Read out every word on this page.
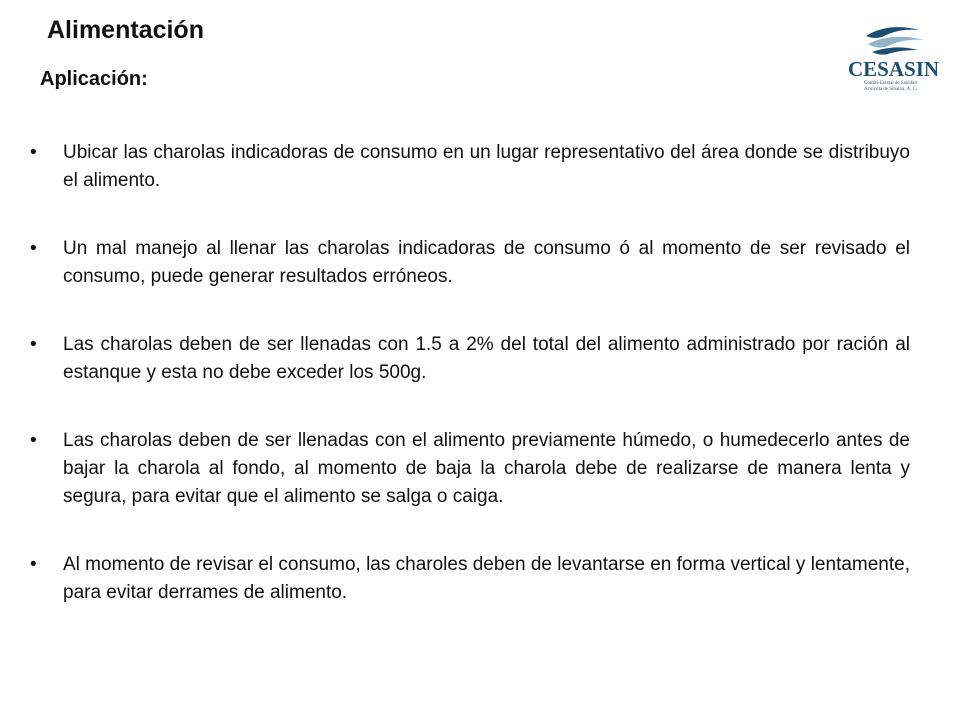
Alimentación
Aplicación:	CESASIN
Comité Estatal de Sanidad
Acuícola de Sinaloa, A. C.
•	Ubicar las charolas indicadoras de consumo en un lugar representativo del área donde se distribuyo el alimento.
•	Un mal manejo al llenar las charolas indicadoras de consumo ó al momento de ser revisado el consumo, puede generar resultados erróneos.
•	Las charolas deben de ser llenadas con 1.5 a 2% del total del alimento administrado por ración al estanque y esta no debe exceder los 500g.
•	Las charolas deben de ser llenadas con el alimento previamente húmedo, o humedecerlo antes de bajar la charola al fondo, al momento de baja la charola debe de realizarse de manera lenta y segura, para evitar que el alimento se salga o caiga.
•	Al momento de revisar el consumo, las charoles deben de levantarse en forma vertical y lentamente, para evitar derrames de alimento.
